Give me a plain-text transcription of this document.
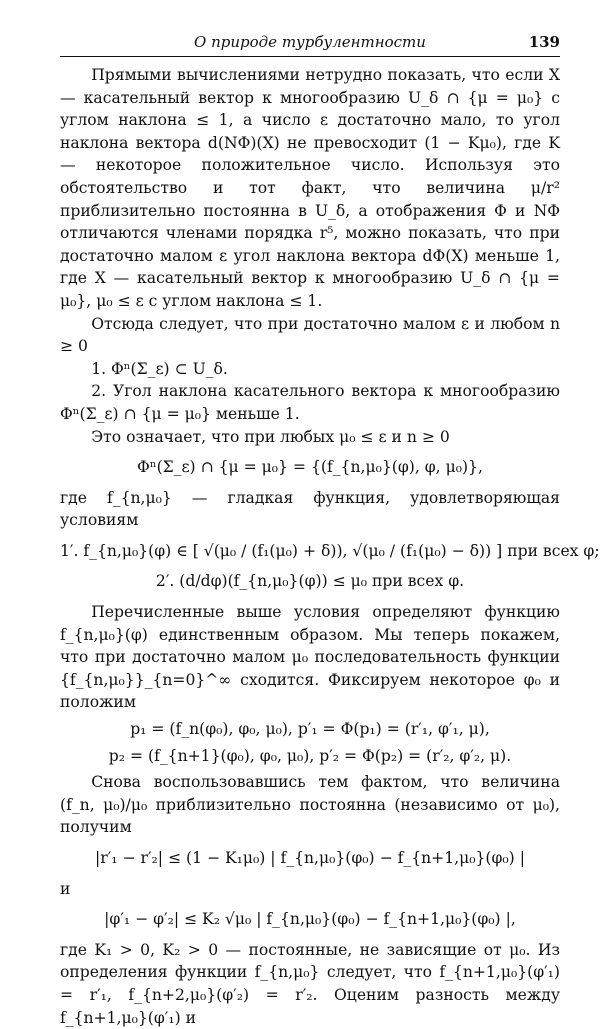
О природе турбулентности	139

Прямыми вычислениями нетрудно показать, что если X — касательный вектор к многообразию U_δ ∩ {μ = μ₀} с углом наклона ≤ 1, а число ε достаточно мало, то угол наклона вектора d(NΦ)(X) не превосходит (1 − Kμ₀), где K — некоторое положительное число. Используя это обстоятельство и тот факт, что величина μ/r² приблизительно постоянна в U_δ, а отображения Φ и NΦ отличаются членами порядка r⁵, можно показать, что при достаточно малом ε угол наклона вектора dΦ(X) меньше 1, где X — касательный вектор к многообразию U_δ ∩ {μ = μ₀}, μ₀ ≤ ε с углом наклона ≤ 1.

Отсюда следует, что при достаточно малом ε и любом n ≥ 0

1. Φⁿ(Σ_ε) ⊂ U_δ.

2. Угол наклона касательного вектора к многообразию Φⁿ(Σ_ε) ∩ {μ = μ₀} меньше 1.

Это означает, что при любых μ₀ ≤ ε и n ≥ 0

Φⁿ(Σ_ε) ∩ {μ = μ₀} = {(f_{n,μ₀}(φ), φ, μ₀)},

где f_{n,μ₀} — гладкая функция, удовлетворяющая условиям

1′. f_{n,μ₀}(φ) ∈ [ √(μ₀ / (f₁(μ₀) + δ)), √(μ₀ / (f₁(μ₀) − δ)) ] при всех φ;
2′. (d/dφ)(f_{n,μ₀}(φ)) ≤ μ₀ при всех φ.

Перечисленные выше условия определяют функцию f_{n,μ₀}(φ) единственным образом. Мы теперь покажем, что при достаточно малом μ₀ последовательность функции {f_{n,μ₀}}_{n=0}^∞ сходится. Фиксируем некоторое φ₀ и положим

p₁ = (f_n(φ₀), φ₀, μ₀), p′₁ = Φ(p₁) = (r′₁, φ′₁, μ),
p₂ = (f_{n+1}(φ₀), φ₀, μ₀), p′₂ = Φ(p₂) = (r′₂, φ′₂, μ).

Снова воспользовавшись тем фактом, что величина (f_n, μ₀)/μ₀ приблизительно постоянна (независимо от μ₀), получим

|r′₁ − r′₂| ≤ (1 − K₁μ₀) | f_{n,μ₀}(φ₀) − f_{n+1,μ₀}(φ₀) |

и

|φ′₁ − φ′₂| ≤ K₂ √μ₀ | f_{n,μ₀}(φ₀) − f_{n+1,μ₀}(φ₀) |,

где K₁ > 0, K₂ > 0 — постоянные, не зависящие от μ₀. Из определения функции f_{n,μ₀} следует, что f_{n+1,μ₀}(φ′₁) = r′₁, f_{n+2,μ₀}(φ′₂) = r′₂. Оценим разность между f_{n+1,μ₀}(φ′₁) и
